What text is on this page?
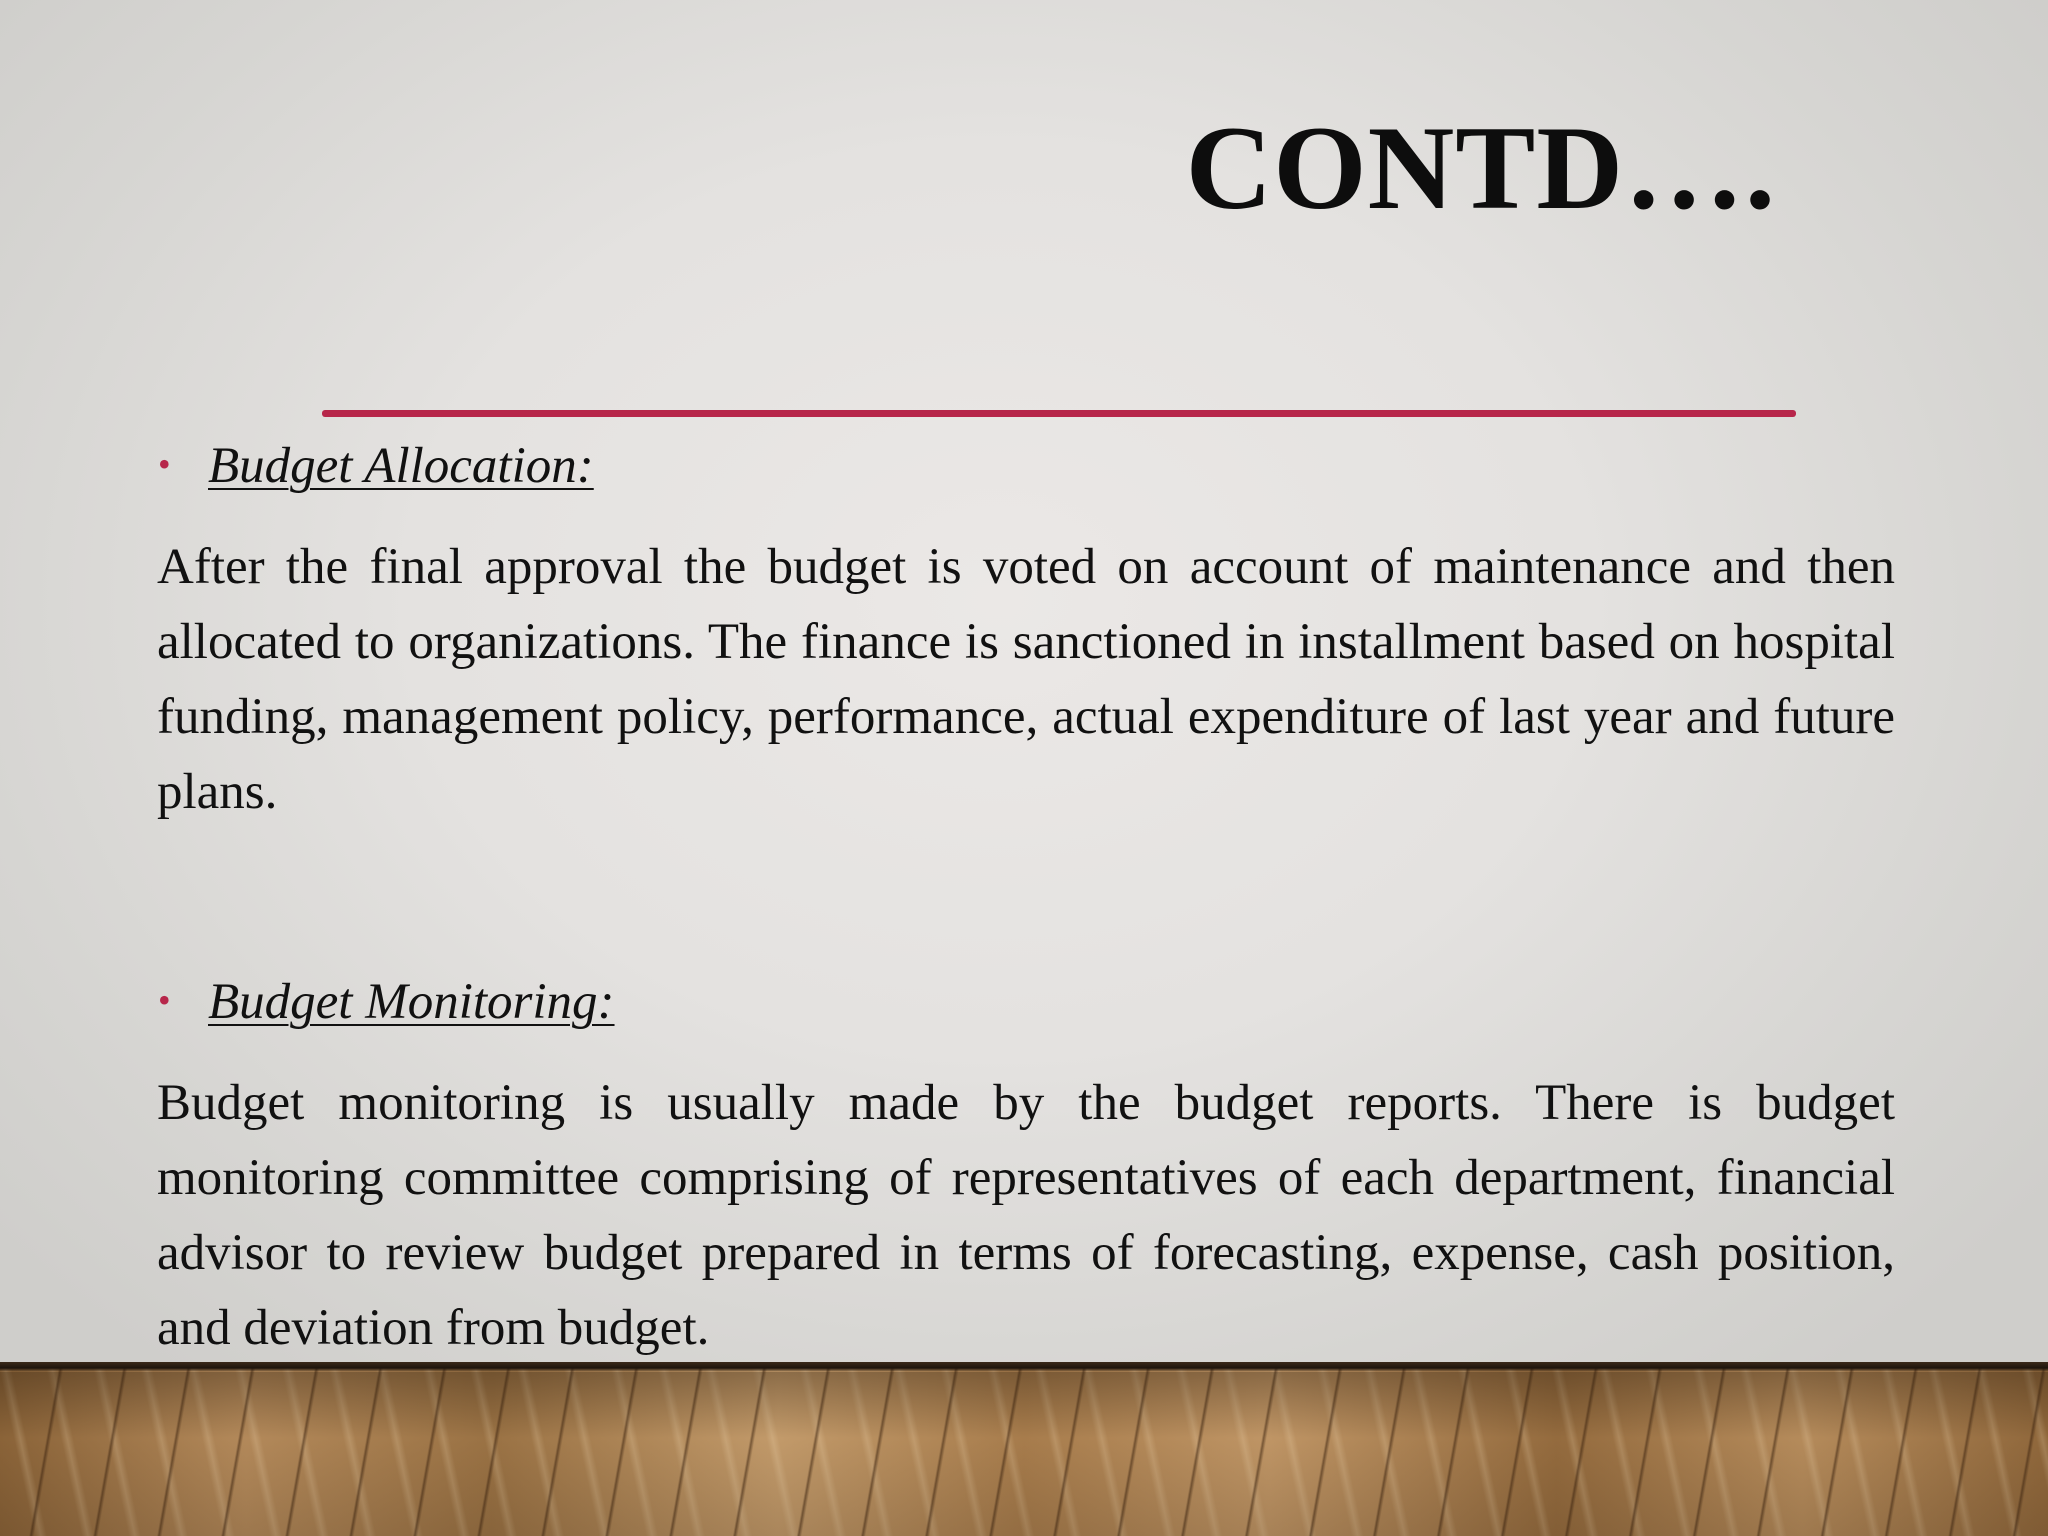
CONTD….
• Budget Allocation:

After the final approval the budget is voted on account of maintenance and then allocated to organizations. The finance is sanctioned in installment based on hospital funding, management policy, performance, actual expenditure of last year and future plans.

• Budget Monitoring:

Budget monitoring is usually made by the budget reports. There is budget monitoring committee comprising of representatives of each department, financial advisor to review budget prepared in terms of forecasting, expense, cash position, and deviation from budget.
